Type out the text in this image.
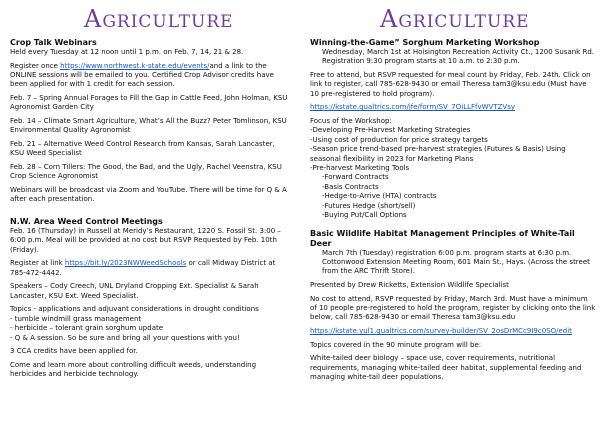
Agriculture
Crop Talk Webinars

Held every Tuesday at 12 noon until 1 p.m. on Feb. 7, 14, 21 & 28.

Register once https://www.northwest.k-state.edu/events/and a link to the ONLINE sessions will be emailed to you. Certified Crop Advisor credits have been applied for with 1 credit for each session.

Feb. 7 – Spring Annual Forages to Fill the Gap in Cattle Feed, John Holman, KSU Agronomist Garden City

Feb. 14 – Climate Smart Agriculture, What’s All the Buzz? Peter Tomlinson, KSU Environmental Quality Agronomist

Feb. 21 – Alternative Weed Control Research from Kansas, Sarah Lancaster, KSU Weed Specialist

Feb. 28 – Corn Tillers: The Good, the Bad, and the Ugly, Rachel Veenstra, KSU Crop Science Agronomist

Webinars will be broadcast via Zoom and YouTube. There will be time for Q & A after each presentation.

N.W. Area Weed Control Meetings

Feb. 16 (Thursday) in Russell at Meridy’s Restaurant, 1220 S. Fossil St. 3:00 – 6:00 p.m. Meal will be provided at no cost but RSVP Requested by Feb. 10th (Friday).

Register at link https://bit.ly/2023NWWeedSchools or call Midway District at 785-472-4442.

Speakers – Cody Creech, UNL Dryland Cropping Ext. Specialist & Sarah Lancaster, KSU Ext. Weed Specialist.

Topics - applications and adjuvant considerations in drought conditions
- tumble windmill grass management
- herbicide – tolerant grain sorghum update
- Q & A session. So be sure and bring all your questions with you!

3 CCA credits have been applied for.

Come and learn more about controlling difficult weeds, understanding herbicides and herbicide technology.

Agriculture
Winning-the-Game” Sorghum Marketing Workshop

Wednesday, March 1st at Hoisington Recreation Activity Ct., 1200 Susank Rd. Registration 9:30 program starts at 10 a.m. to 2:30 p.m.

Free to attend, but RSVP requested for meal count by Friday, Feb. 24th. Click on link to register, call 785-628-9430 or email Theresa tam3@ksu.edu (Must have 10 pre-registered to hold program).

https://kstate.qualtrics.com/jfe/form/SV_7OiLLFfvWVTZVsy

Focus of the Workshop:
-Developing Pre-Harvest Marketing Strategies
-Using cost of production for price strategy targets
-Season price trend-based pre-harvest strategies (Futures & Basis) Using seasonal flexibility in 2023 for Marketing Plans
-Pre-harvest Marketing Tools
-Forward Contracts
-Basis Contracts
-Hedge-to-Arrive (HTA) contracts
-Futures Hedge (short/sell)
-Buying Put/Call Options

Basic Wildlife Habitat Management Principles of White-Tail Deer

March 7th (Tuesday) registration 6:00 p.m. program starts at 6:30 p.m. Cottonwood Extension Meeting Room, 601 Main St., Hays. (Across the street from the ARC Thrift Store).

Presented by Drew Ricketts, Extension Wildlife Specialist

No cost to attend, RSVP requested by Friday, March 3rd. Must have a minimum of 10 people pre-registered to hold the program, register by clicking onto the link below, call 785-628-9430 or email Theresa tam3@ksu.edu

https://kstate.yul1.qualtrics.com/survey-builder/SV_2osDrMCc9I9c0SO/edit

Topics covered in the 90 minute program will be:

White-tailed deer biology – space use, cover requirements, nutritional requirements, managing white-tailed deer habitat, supplemental feeding and managing white-tail deer populations.
